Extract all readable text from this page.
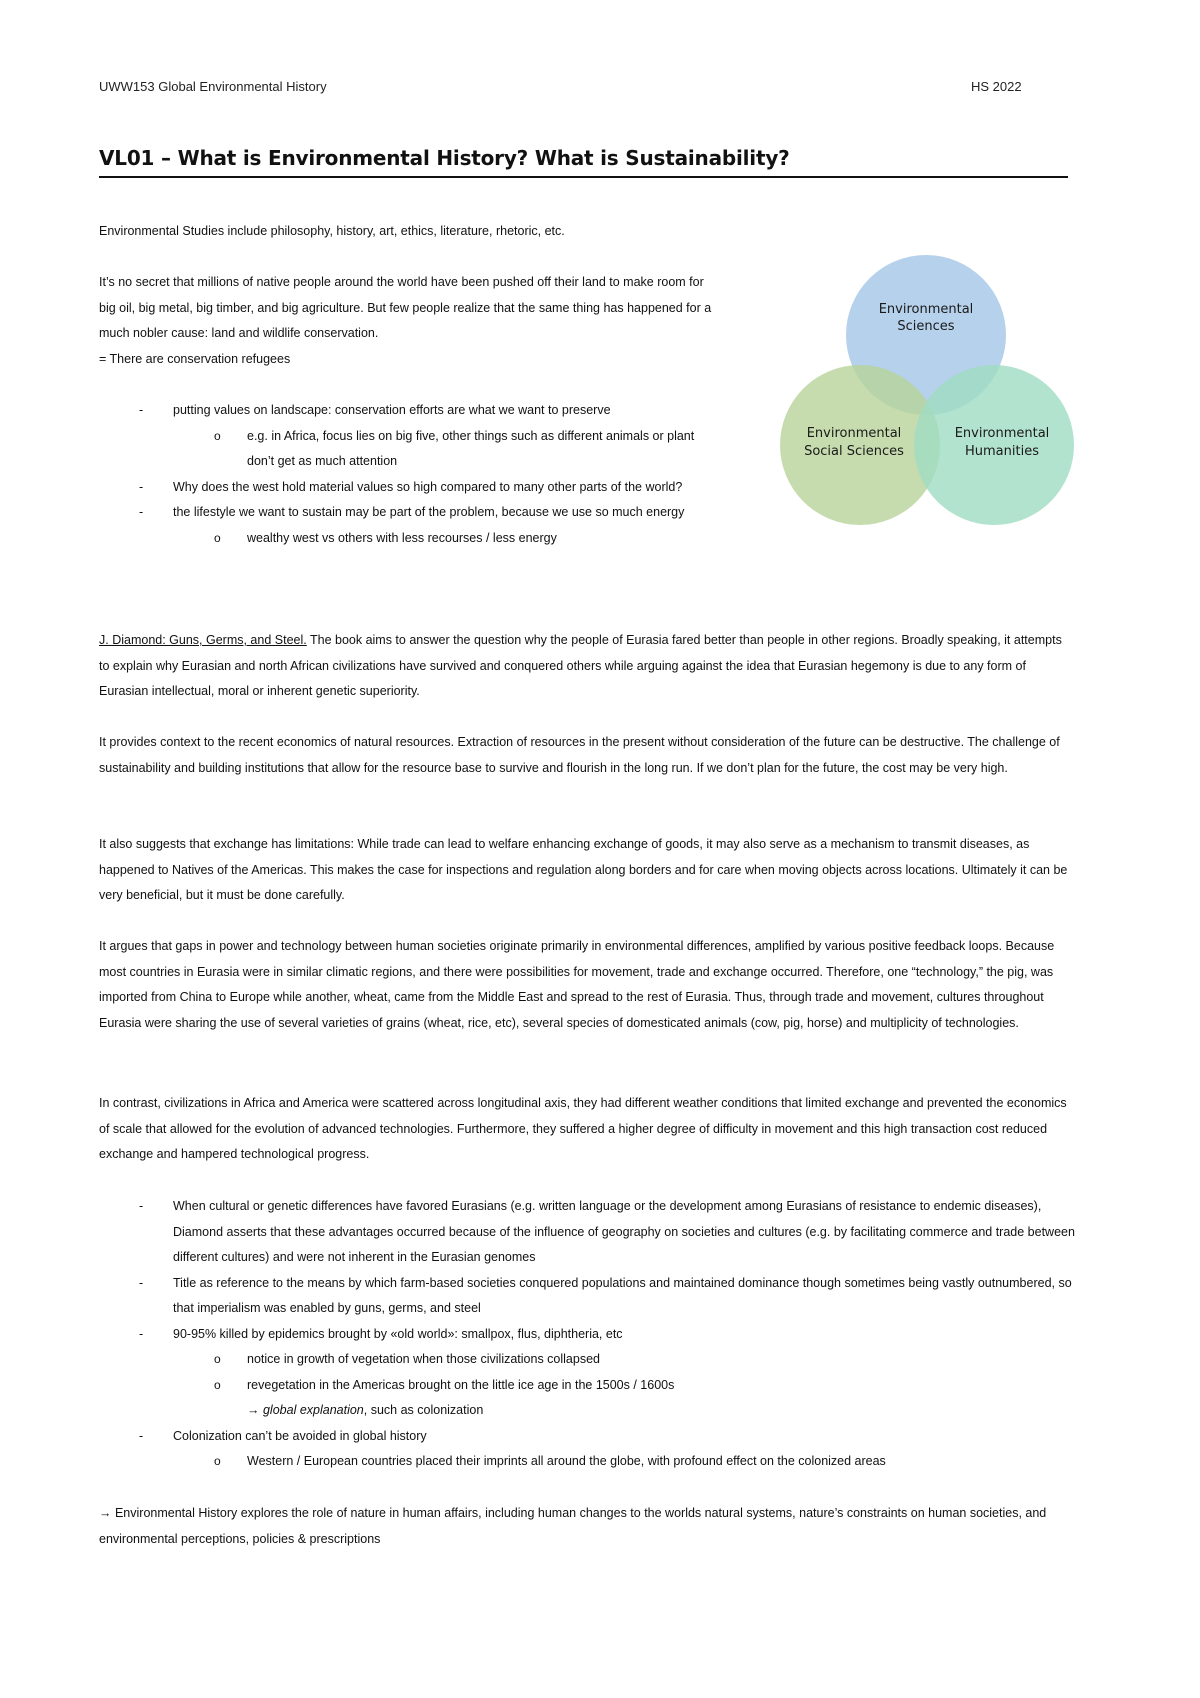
UWW153 Global Environmental History	HS 2022
VL01 – What is Environmental History? What is Sustainability?

Environmental Studies include philosophy, history, art, ethics, literature, rhetoric, etc.

It’s no secret that millions of native people around the world have been pushed off their land to make room for big oil, big metal, big timber, and big agriculture. But few people realize that the same thing has happened for a much nobler cause: land and wildlife conservation.
= There are conservation refugees
- putting values on landscape: conservation efforts are what we want to preserve
o e.g. in Africa, focus lies on big five, other things such as different animals or plant don’t get as much attention
- Why does the west hold material values so high compared to many other parts of the world?
- the lifestyle we want to sustain may be part of the problem, because we use so much energy
o wealthy west vs others with less recourses / less energy
Environmental
Sciences
Environmental
Social Sciences
Environmental
Humanities

J. Diamond: Guns, Germs, and Steel. The book aims to answer the question why the people of Eurasia fared better than people in other regions. Broadly speaking, it attempts to explain why Eurasian and north African civilizations have survived and conquered others while arguing against the idea that Eurasian hegemony is due to any form of Eurasian intellectual, moral or inherent genetic superiority.

It provides context to the recent economics of natural resources. Extraction of resources in the present without consideration of the future can be destructive. The challenge of sustainability and building institutions that allow for the resource base to survive and flourish in the long run. If we don’t plan for the future, the cost may be very high.

It also suggests that exchange has limitations: While trade can lead to welfare enhancing exchange of goods, it may also serve as a mechanism to transmit diseases, as happened to Natives of the Americas. This makes the case for inspections and regulation along borders and for care when moving objects across locations. Ultimately it can be very beneficial, but it must be done carefully.

It argues that gaps in power and technology between human societies originate primarily in environmental differences, amplified by various positive feedback loops. Because most countries in Eurasia were in similar climatic regions, and there were possibilities for movement, trade and exchange occurred. Therefore, one “technology,” the pig, was imported from China to Europe while another, wheat, came from the Middle East and spread to the rest of Eurasia. Thus, through trade and movement, cultures throughout Eurasia were sharing the use of several varieties of grains (wheat, rice, etc), several species of domesticated animals (cow, pig, horse) and multiplicity of technologies.

In contrast, civilizations in Africa and America were scattered across longitudinal axis, they had different weather conditions that limited exchange and prevented the economics of scale that allowed for the evolution of advanced technologies. Furthermore, they suffered a higher degree of difficulty in movement and this high transaction cost reduced exchange and hampered technological progress.

- When cultural or genetic differences have favored Eurasians (e.g. written language or the development among Eurasians of resistance to endemic diseases), Diamond asserts that these advantages occurred because of the influence of geography on societies and cultures (e.g. by facilitating commerce and trade between different cultures) and were not inherent in the Eurasian genomes
- Title as reference to the means by which farm-based societies conquered populations and maintained dominance though sometimes being vastly outnumbered, so that imperialism was enabled by guns, germs, and steel
- 90-95% killed by epidemics brought by «old world»: smallpox, flus, diphtheria, etc
o notice in growth of vegetation when those civilizations collapsed
o revegetation in the Americas brought on the little ice age in the 1500s / 1600s
→ global explanation, such as colonization
- Colonization can’t be avoided in global history
o Western / European countries placed their imprints all around the globe, with profound effect on the colonized areas

→ Environmental History explores the role of nature in human affairs, including human changes to the worlds natural systems, nature’s constraints on human societies, and environmental perceptions, policies & prescriptions
